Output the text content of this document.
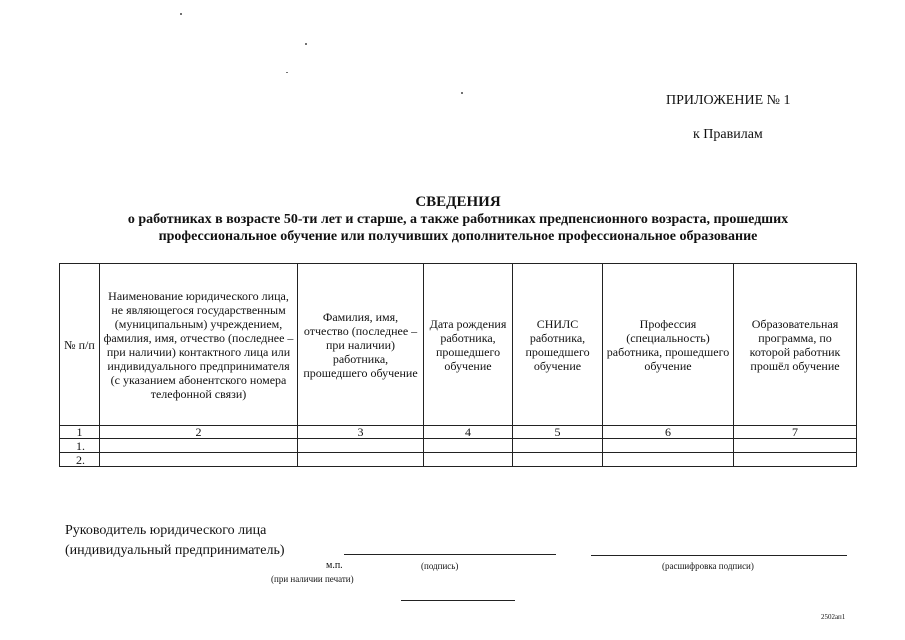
ПРИЛОЖЕНИЕ № 1
к Правилам
СВЕДЕНИЯ
о работниках в возрасте 50-ти лет и старше, а также работниках предпенсионного возраста, прошедших
профессиональное обучение или получивших дополнительное профессиональное образование
№ п/п	Наименование юридического лица, не являющегося государственным (муниципальным) учреждением, фамилия, имя, отчество (последнее – при наличии) контактного лица или индивидуального предпринимателя (с указанием абонентского номера телефонной связи)	Фамилия, имя, отчество (последнее – при наличии) работника, прошедшего обучение	Дата рождения работника, прошедшего обучение	СНИЛС работника, прошедшего обучение	Профессия (специальность) работника, прошедшего обучение	Образовательная программа, по которой работник прошёл обучение
1	2	3	4	5	6	7
1.						
2.						
Руководитель юридического лица
(индивидуальный предприниматель)
м.п.	(подпись)	(расшифровка подписи)
(при наличии печати)
2502ап1
